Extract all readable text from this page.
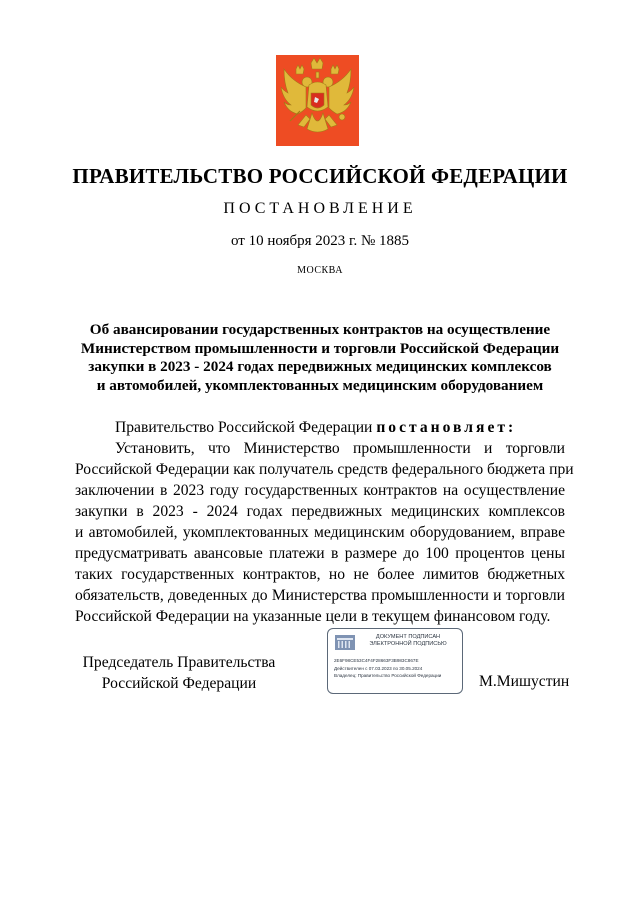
ПРАВИТЕЛЬСТВО РОССИЙСКОЙ ФЕДЕРАЦИИ
ПОСТАНОВЛЕНИЕ
от 10 ноября 2023 г. № 1885
МОСКВА
Об авансировании государственных контрактов на осуществление
Министерством промышленности и торговли Российской Федерации
закупки в 2023 - 2024 годах передвижных медицинских комплексов
и автомобилей, укомплектованных медицинским оборудованием
Правительство Российской Федерации постановляет:
Установить, что Министерство промышленности и торговли
Российской Федерации как получатель средств федерального бюджета при
заключении в 2023 году государственных контрактов на осуществление
закупки в 2023 - 2024 годах передвижных медицинских комплексов
и автомобилей, укомплектованных медицинским оборудованием, вправе
предусматривать авансовые платежи в размере до 100 процентов цены
таких государственных контрактов, но не более лимитов бюджетных
обязательств, доведенных до Министерства промышленности и торговли
Российской Федерации на указанные цели в текущем финансовом году.
Председатель Правительства
Российской Федерации
ДОКУМЕНТ ПОДПИСАН
ЭЛЕКТРОННОЙ ПОДПИСЬЮ
2E6F98CE53C4F4F28663F3B983C867E
Действителен с 07.03.2023 по 30.05.2024
Владелец: Правительство Российской Федерации	М.Мишустин
